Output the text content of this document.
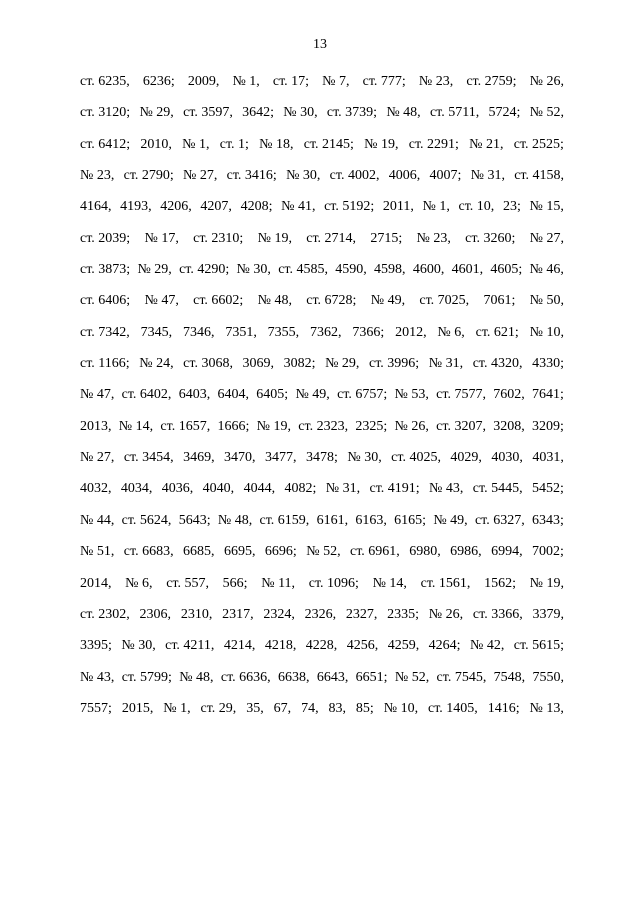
13
ст. 6235, 6236; 2009, № 1, ст. 17; № 7, ст. 777; № 23, ст. 2759; № 26,
ст. 3120; № 29, ст. 3597, 3642; № 30, ст. 3739; № 48, ст. 5711, 5724; № 52,
ст. 6412; 2010, № 1, ст. 1; № 18, ст. 2145; № 19, ст. 2291; № 21, ст. 2525;
№ 23, ст. 2790; № 27, ст. 3416; № 30, ст. 4002, 4006, 4007; № 31, ст. 4158,
4164, 4193, 4206, 4207, 4208; № 41, ст. 5192; 2011, № 1, ст. 10, 23; № 15,
ст. 2039; № 17, ст. 2310; № 19, ст. 2714, 2715; № 23, ст. 3260; № 27,
ст. 3873; № 29, ст. 4290; № 30, ст. 4585, 4590, 4598, 4600, 4601, 4605; № 46,
ст. 6406; № 47, ст. 6602; № 48, ст. 6728; № 49, ст. 7025, 7061; № 50,
ст. 7342, 7345, 7346, 7351, 7355, 7362, 7366; 2012, № 6, ст. 621; № 10,
ст. 1166; № 24, ст. 3068, 3069, 3082; № 29, ст. 3996; № 31, ст. 4320, 4330;
№ 47, ст. 6402, 6403, 6404, 6405; № 49, ст. 6757; № 53, ст. 7577, 7602, 7641;
2013, № 14, ст. 1657, 1666; № 19, ст. 2323, 2325; № 26, ст. 3207, 3208, 3209;
№ 27, ст. 3454, 3469, 3470, 3477, 3478; № 30, ст. 4025, 4029, 4030, 4031,
4032, 4034, 4036, 4040, 4044, 4082; № 31, ст. 4191; № 43, ст. 5445, 5452;
№ 44, ст. 5624, 5643; № 48, ст. 6159, 6161, 6163, 6165; № 49, ст. 6327, 6343;
№ 51, ст. 6683, 6685, 6695, 6696; № 52, ст. 6961, 6980, 6986, 6994, 7002;
2014, № 6, ст. 557, 566; № 11, ст. 1096; № 14, ст. 1561, 1562; № 19,
ст. 2302, 2306, 2310, 2317, 2324, 2326, 2327, 2335; № 26, ст. 3366, 3379,
3395; № 30, ст. 4211, 4214, 4218, 4228, 4256, 4259, 4264; № 42, ст. 5615;
№ 43, ст. 5799; № 48, ст. 6636, 6638, 6643, 6651; № 52, ст. 7545, 7548, 7550,
7557; 2015, № 1, ст. 29, 35, 67, 74, 83, 85; № 10, ст. 1405, 1416; № 13,
